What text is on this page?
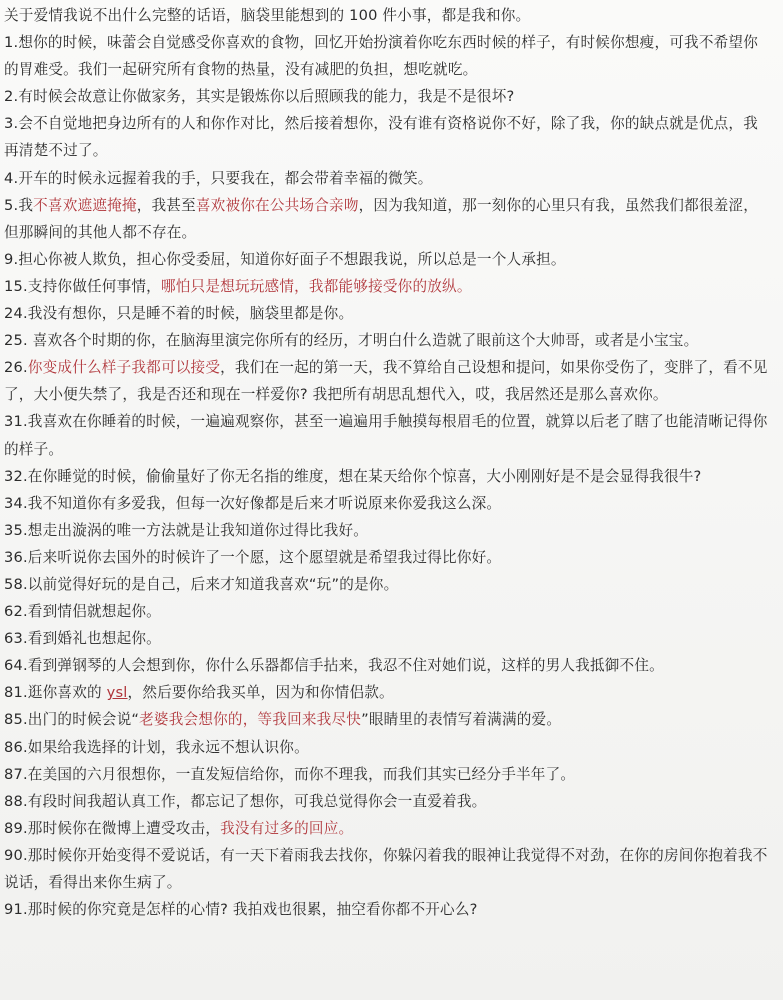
关于爱情我说不出什么完整的话语，脑袋里能想到的 100 件小事，都是我和你。

1.想你的时候，味蕾会自觉感受你喜欢的食物，回忆开始扮演着你吃东西时候的样子，有时候你想瘦，可我不希望你的胃难受。我们一起研究所有食物的热量，没有减肥的负担，想吃就吃。

2.有时候会故意让你做家务，其实是锻炼你以后照顾我的能力，我是不是很坏?

3.会不自觉地把身边所有的人和你作对比，然后接着想你，没有谁有资格说你不好，除了我，你的缺点就是优点，我再清楚不过了。

4.开车的时候永远握着我的手，只要我在，都会带着幸福的微笑。

5.我不喜欢遮遮掩掩，我甚至喜欢被你在公共场合亲吻，因为我知道，那一刻你的心里只有我，虽然我们都很羞涩，但那瞬间的其他人都不存在。

9.担心你被人欺负，担心你受委屈，知道你好面子不想跟我说，所以总是一个人承担。

15.支持你做任何事情，哪怕只是想玩玩感情，我都能够接受你的放纵。

24.我没有想你，只是睡不着的时候，脑袋里都是你。

25. 喜欢各个时期的你，在脑海里演完你所有的经历，才明白什么造就了眼前这个大帅哥，或者是小宝宝。

26.你变成什么样子我都可以接受，我们在一起的第一天，我不算给自己设想和提问，如果你受伤了，变胖了，看不见了，大小便失禁了，我是否还和现在一样爱你? 我把所有胡思乱想代入，哎，我居然还是那么喜欢你。

31.我喜欢在你睡着的时候，一遍遍观察你，甚至一遍遍用手触摸每根眉毛的位置，就算以后老了瞎了也能清晰记得你的样子。

32.在你睡觉的时候，偷偷量好了你无名指的维度，想在某天给你个惊喜，大小刚刚好是不是会显得我很牛?

34.我不知道你有多爱我，但每一次好像都是后来才听说原来你爱我这么深。

35.想走出漩涡的唯一方法就是让我知道你过得比我好。

36.后来听说你去国外的时候许了一个愿，这个愿望就是希望我过得比你好。

58.以前觉得好玩的是自己，后来才知道我喜欢“玩”的是你。

62.看到情侣就想起你。

63.看到婚礼也想起你。

64.看到弹钢琴的人会想到你，你什么乐器都信手拈来，我忍不住对她们说，这样的男人我抵御不住。

81.逛你喜欢的 ysl，然后要你给我买单，因为和你情侣款。

85.出门的时候会说“老婆我会想你的，等我回来我尽快”眼睛里的表情写着满满的爱。

86.如果给我选择的计划，我永远不想认识你。

87.在美国的六月很想你，一直发短信给你，而你不理我，而我们其实已经分手半年了。

88.有段时间我超认真工作，都忘记了想你，可我总觉得你会一直爱着我。

89.那时候你在微博上遭受攻击，我没有过多的回应。

90.那时候你开始变得不爱说话，有一天下着雨我去找你，你躲闪着我的眼神让我觉得不对劲，在你的房间你抱着我不说话，看得出来你生病了。

91.那时候的你究竟是怎样的心情? 我拍戏也很累，抽空看你都不开心么?
